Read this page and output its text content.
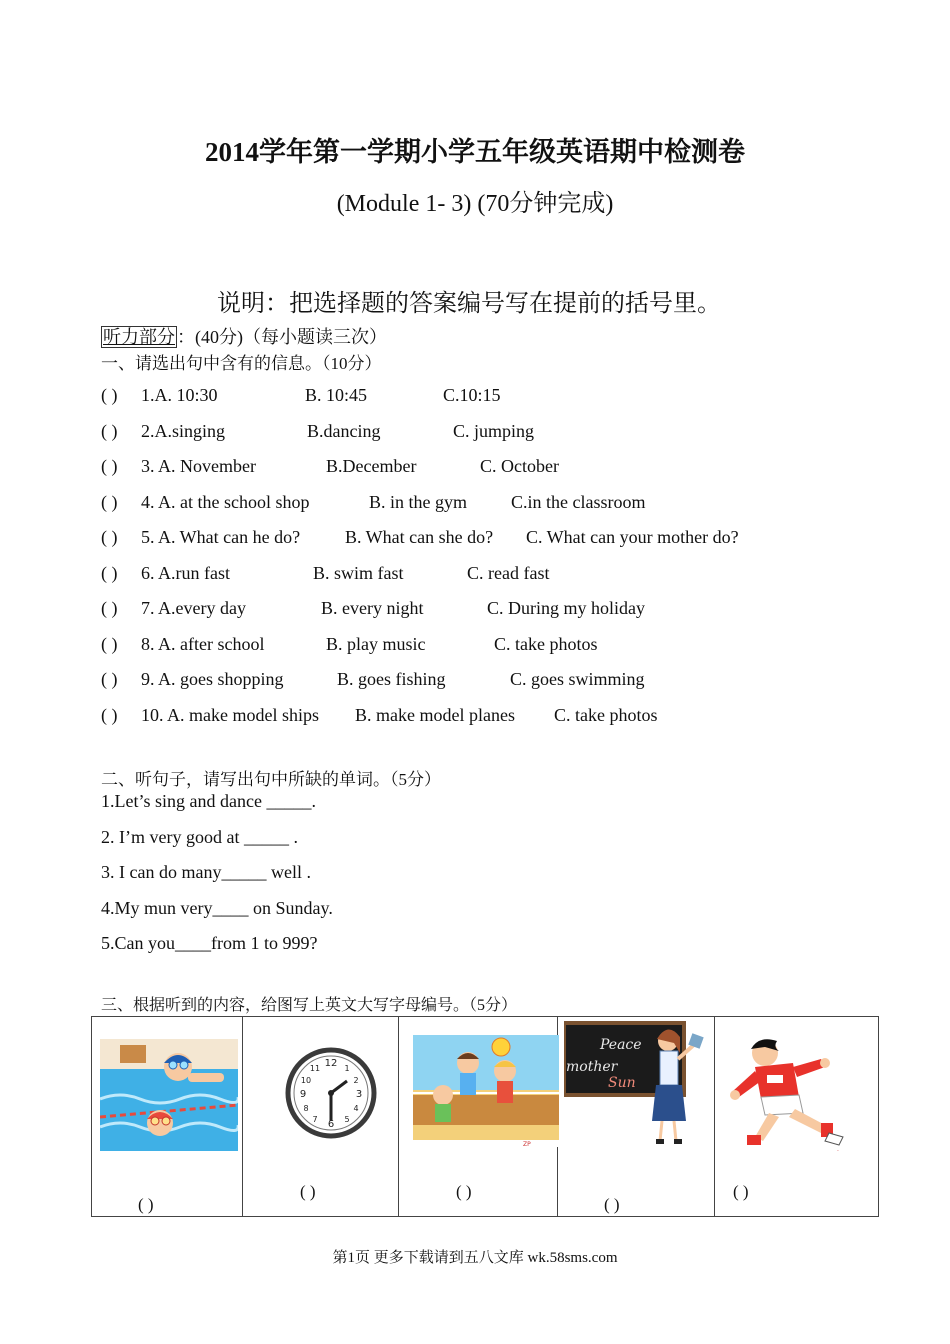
2014学年第一学期小学五年级英语期中检测卷
(Module 1- 3) (70分钟完成)
说明：把选择题的答案编号写在提前的括号里。
听力部分 ：(40分)（每小题读三次）
一、请选出句中含有的信息。（10分）
( ) 1.A. 10:30	B. 10:45	C.10:15
( ) 2.A.singing	B.dancing	C. jumping
( ) 3. A. November	B.December	C. October
( ) 4. A. at the school shop	B. in the gym C.in the classroom
( ) 5. A. What can he do? B. What can she do? C. What can your mother do?
( ) 6. A.run fast	B. swim fast	C. read fast
( ) 7. A.every day	B. every night	C. During my holiday
( ) 8. A. after school	B. play music	C. take photos
( ) 9. A. goes shopping	B. goes fishing	C. goes swimming
( ) 10. A. make model ships B. make model planes C. take photos
二、听句子，请写出句中所缺的单词。（5分）
1.Let’s sing and dance _____.
2. I’m very good at _____ .
3. I can do many_____ well .
4.My mun very____ on Sunday.
5.Can you____from 1 to 999?
三、根据听到的内容，给图写上英文大写字母编号。（5分）
( )

12
3
6
9
1
2
4
5
7
8
10
11
( )

ZP
( )

Peace
mother
Sun
( )

.
( )
第1页 更多下载请到五八文库 wk.58sms.com
